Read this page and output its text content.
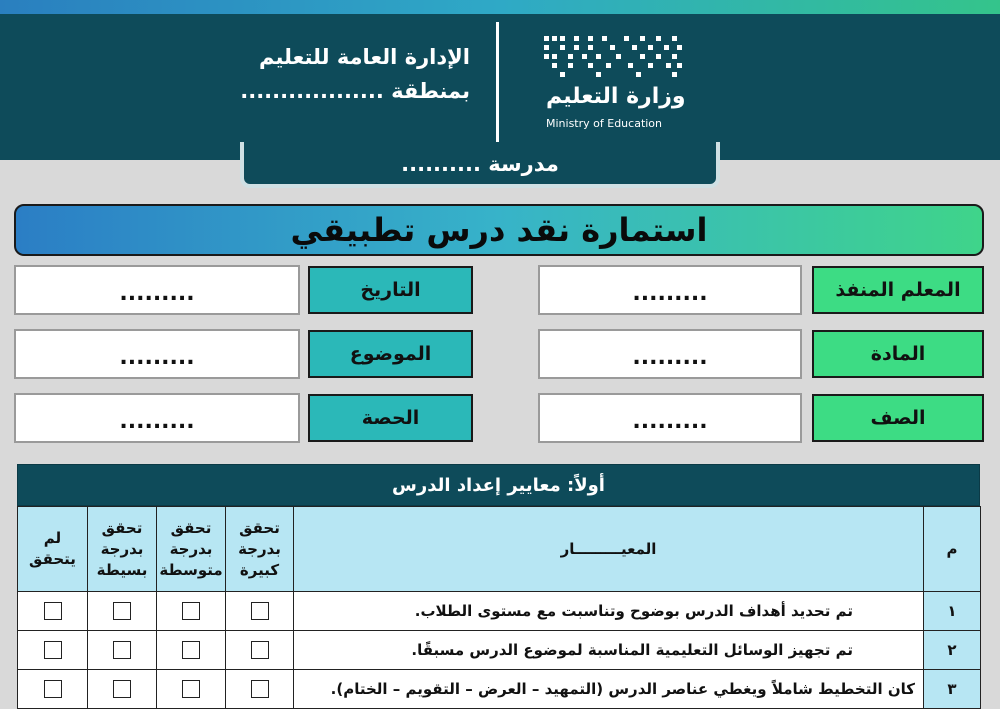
وزارة التعليم
Ministry of Education
الإدارة العامة للتعليم
بمنطقة ..................
مدرسة ..........
استمارة نقد درس تطبيقي
المعلم المنفذ
.........
المادة
.........
الصف
.........
التاريخ
.........
الموضوع
.........
الحصة
.........
أولاً: معايير إعداد الدرس
م	المعيـــــــــار	تحقق بدرجة كبيرة	تحقق بدرجة متوسطة	تحقق بدرجة بسيطة	لم يتحقق
١	تم تحديد أهداف الدرس بوضوح وتناسبت مع مستوى الطلاب.				
٢	تم تجهيز الوسائل التعليمية المناسبة لموضوع الدرس مسبقًا.				
٣	كان التخطيط شاملاً ويغطي عناصر الدرس (التمهيد – العرض – التقويم – الختام).				
